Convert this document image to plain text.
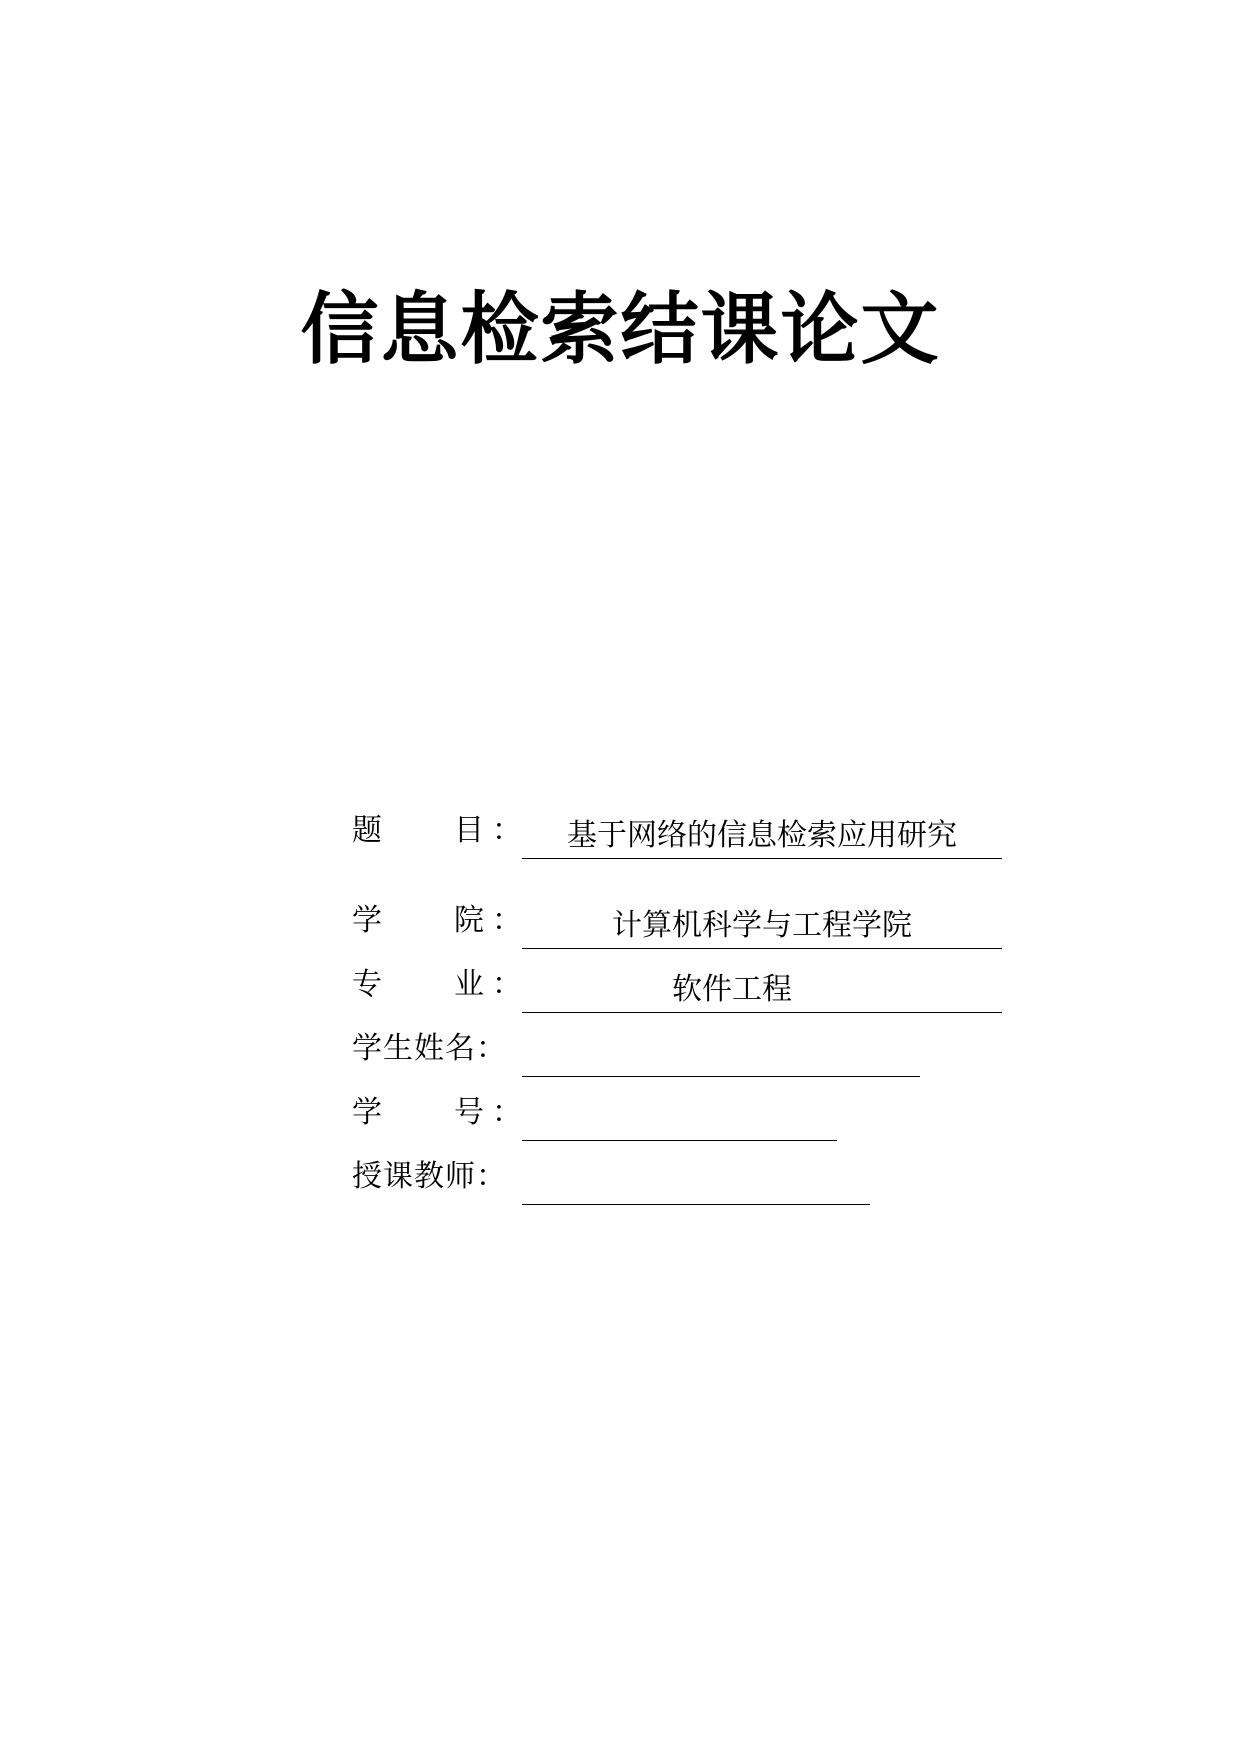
信息检索结课论文
题 目 ：	基于网络的信息检索应用研究
学 院 ：	计算机科学与工程学院
专 业 ：	软件工程
学生姓名 ：
学 号 ：
授课教师 ：
